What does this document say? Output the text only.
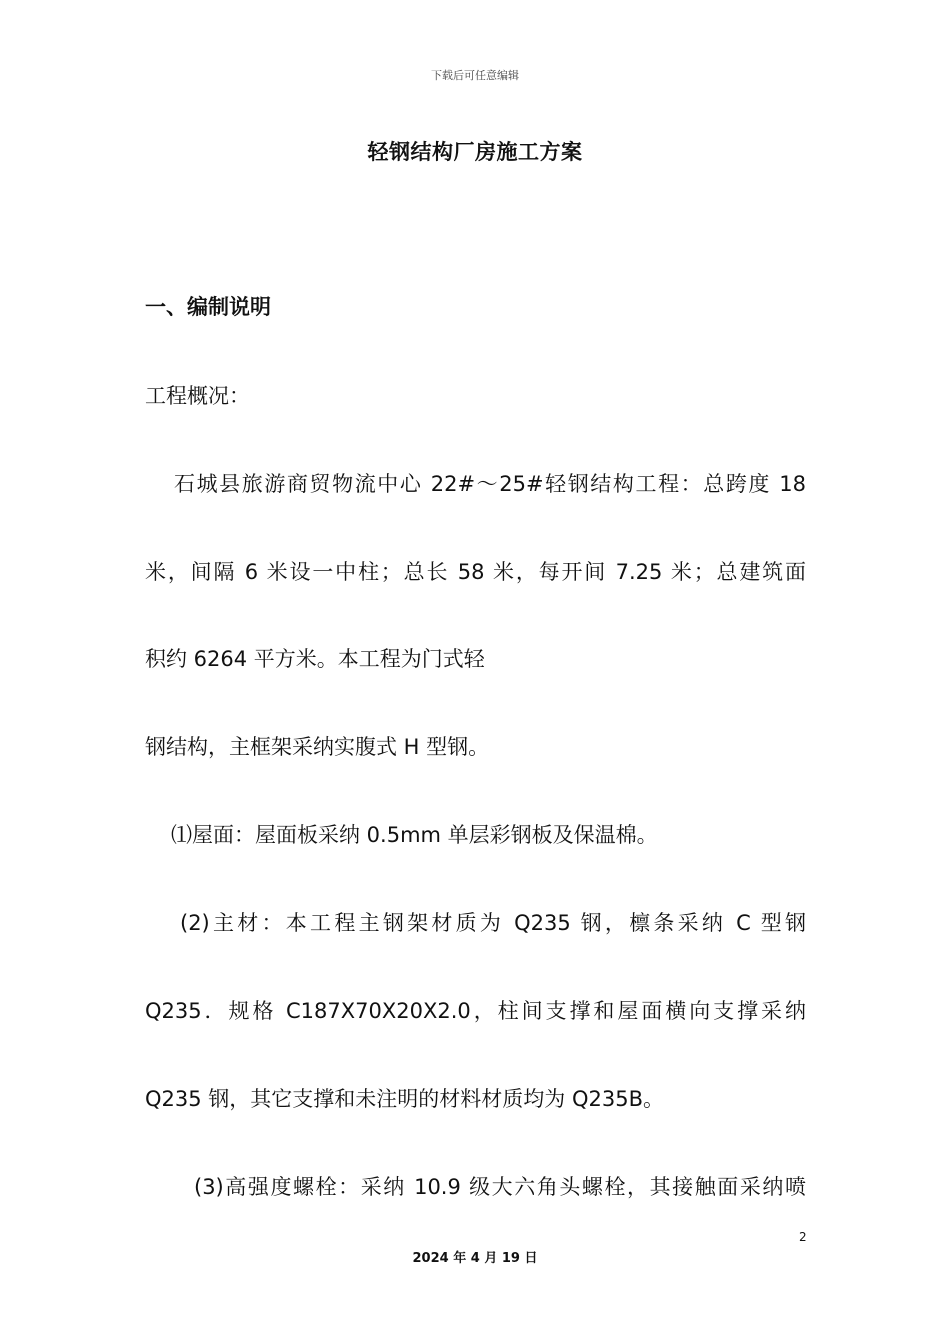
下载后可任意编辑
轻钢结构厂房施工方案
一、编制说明
工程概况：
石城县旅游商贸物流中心 22#～25#轻钢结构工程：总跨度 18
米，间隔 6 米设一中柱；总长 58 米，每开间 7.25 米；总建筑面
积约 6264 平方米。本工程为门式轻
钢结构，主框架采纳实腹式 H 型钢。
⑴屋面：屋面板采纳 0.5mm 单层彩钢板及保温棉。
(2)主材：本工程主钢架材质为 Q235 钢，檩条采纳 C 型钢
Q235．规格 C187X70X20X2.0，柱间支撑和屋面横向支撑采纳
Q235 钢，其它支撑和未注明的材料材质均为 Q235B。
(3)高强度螺栓：采纳 10.9 级大六角头螺栓，其接触面采纳喷
2
2024 年 4 月 19 日
